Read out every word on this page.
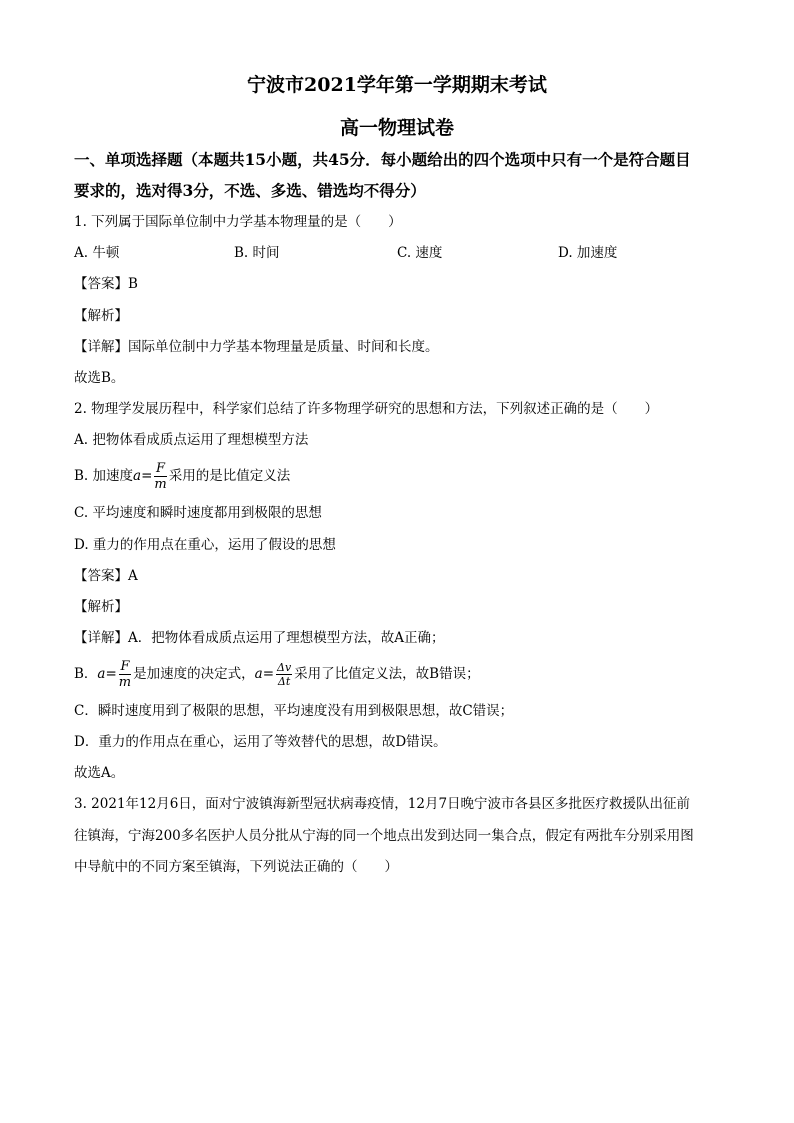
宁波市2021学年第一学期期末考试
高一物理试卷
一、单项选择题（本题共15小题，共45分．每小题给出的四个选项中只有一个是符合题目
要求的，选对得3分，不选、多选、错选均不得分）
1. 下列属于国际单位制中力学基本物理量的是（　　）
A. 牛顿	B. 时间	C. 速度	D. 加速度
【答案】B
【解析】
【详解】国际单位制中力学基本物理量是质量、时间和长度。
故选B。
2. 物理学发展历程中，科学家们总结了许多物理学研究的思想和方法，下列叙述正确的是（　　）
A. 把物体看成质点运用了理想模型方法
B. 加速度$a= \frac{F}{m}$ 采用的是比值定义法
C. 平均速度和瞬时速度都用到极限的思想
D. 重力的作用点在重心，运用了假设的思想
【答案】A
【解析】
【详解】A．把物体看成质点运用了理想模型方法，故A正确；
B．$a= \frac{F}{m}$ 是加速度的决定式，$a= \frac{\Delta v}{\Delta t}$ 采用了比值定义法，故B错误；
C．瞬时速度用到了极限的思想，平均速度没有用到极限思想，故C错误；
D．重力的作用点在重心，运用了等效替代的思想，故D错误。
故选A。
3. 2021年12月6日，面对宁波镇海新型冠状病毒疫情，12月7日晚宁波市各县区多批医疗救援队出征前
往镇海，宁海200多名医护人员分批从宁海的同一个地点出发到达同一集合点，假定有两批车分别采用图
中导航中的不同方案至镇海，下列说法正确的（　　）
